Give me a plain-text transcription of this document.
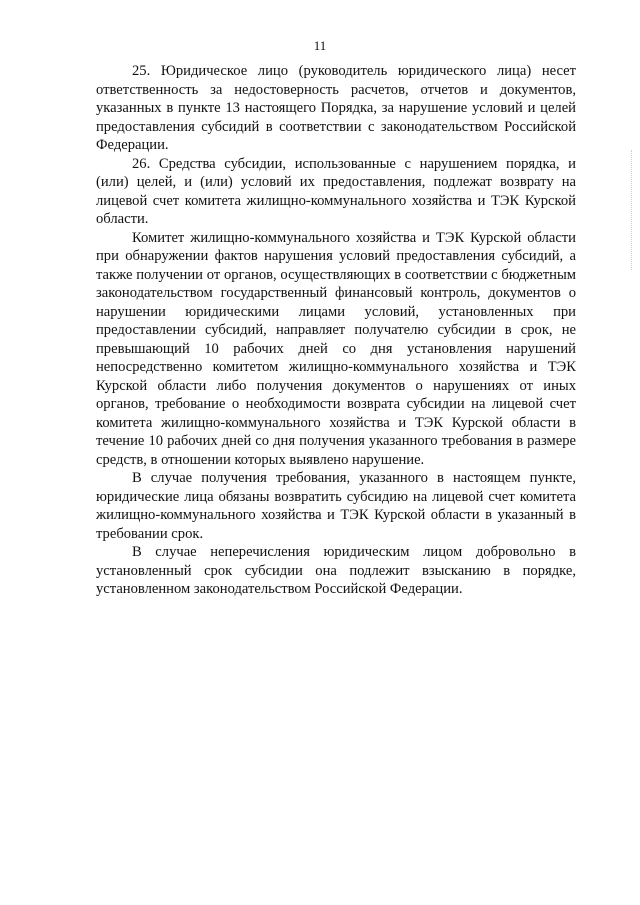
11

25. Юридическое лицо (руководитель юридического лица) несет ответственность за недостоверность расчетов, отчетов и документов, указанных в пункте 13 настоящего Порядка, за нарушение условий и целей предоставления субсидий в соответствии с законодательством Российской Федерации.

26. Средства субсидии, использованные с нарушением порядка, и (или) целей, и (или) условий их предоставления, подлежат возврату на лицевой счет комитета жилищно-коммунального хозяйства и ТЭК Курской области.

Комитет жилищно-коммунального хозяйства и ТЭК Курской области при обнаружении фактов нарушения условий предоставления субсидий, а также получении от органов, осуществляющих в соответствии с бюджетным законодательством государственный финансовый контроль, документов о нарушении юридическими лицами условий, установленных при предоставлении субсидий, направляет получателю субсидии в срок, не превышающий 10 рабочих дней со дня установления нарушений непосредственно комитетом жилищно-коммунального хозяйства и ТЭК Курской области либо получения документов о нарушениях от иных органов, требование о необходимости возврата субсидии на лицевой счет комитета жилищно-коммунального хозяйства и ТЭК Курской области в течение 10 рабочих дней со дня получения указанного требования в размере средств, в отношении которых выявлено нарушение.

В случае получения требования, указанного в настоящем пункте, юридические лица обязаны возвратить субсидию на лицевой счет комитета жилищно-коммунального хозяйства и ТЭК Курской области в указанный в требовании срок.

В случае неперечисления юридическим лицом добровольно в установленный срок субсидии она подлежит взысканию в порядке, установленном законодательством Российской Федерации.
